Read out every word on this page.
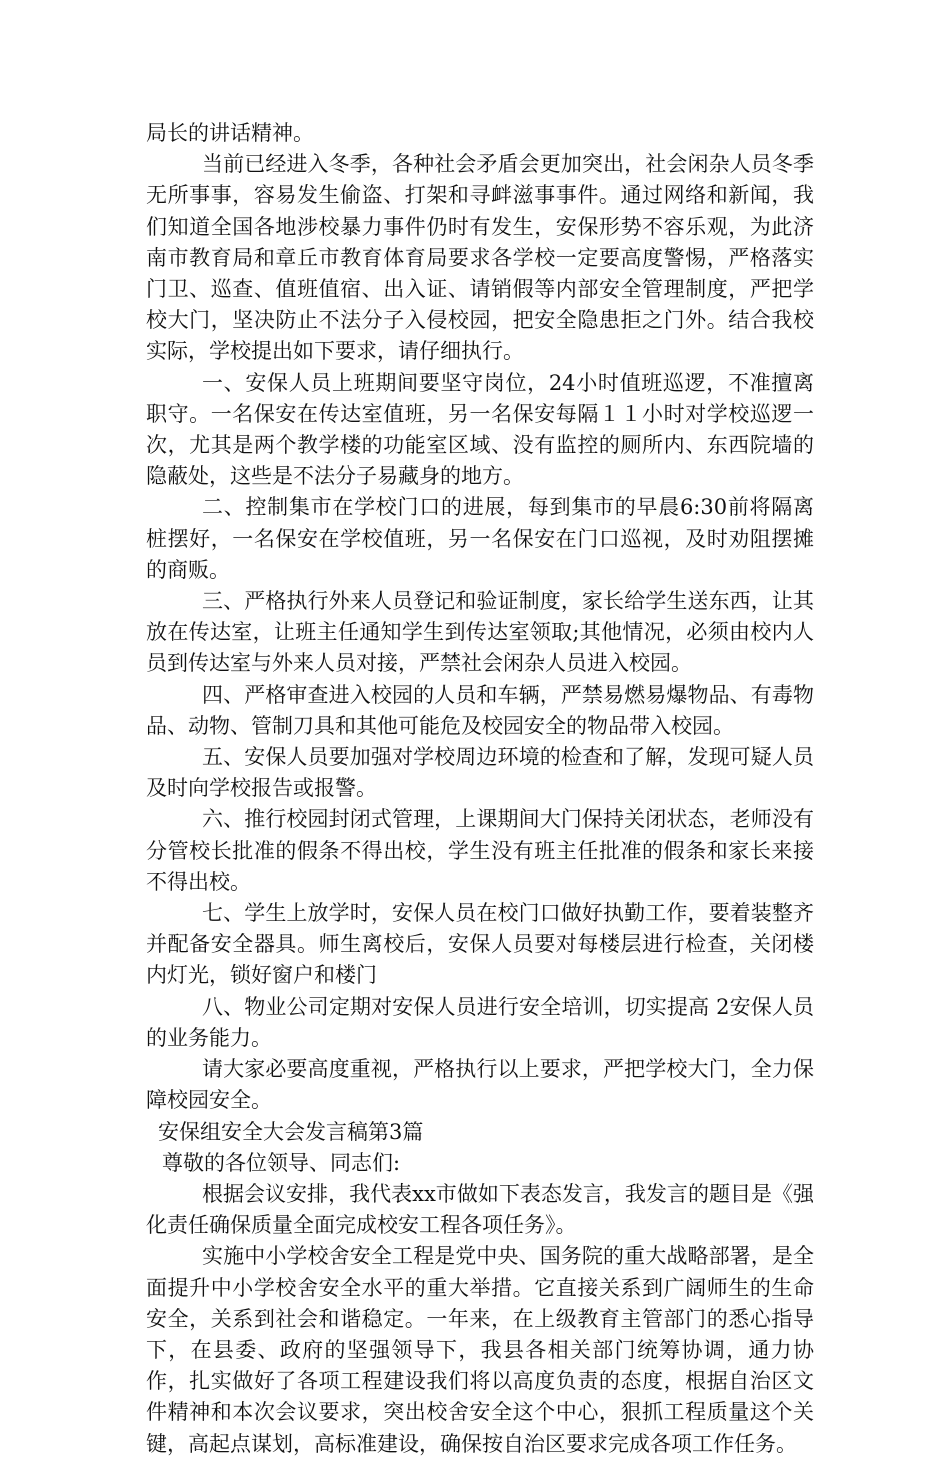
局长的讲话精神。

当前已经进入冬季，各种社会矛盾会更加突出，社会闲杂人员冬季无所事事，容易发生偷盗、打架和寻衅滋事事件。通过网络和新闻，我们知道全国各地涉校暴力事件仍时有发生，安保形势不容乐观，为此济南市教育局和章丘市教育体育局要求各学校一定要高度警惕，严格落实门卫、巡查、值班值宿、出入证、请销假等内部安全管理制度，严把学校大门，坚决防止不法分子入侵校园，把安全隐患拒之门外。结合我校实际，学校提出如下要求，请仔细执行。

一、安保人员上班期间要坚守岗位，24小时值班巡逻，不准擅离职守。一名保安在传达室值班，另一名保安每隔１１小时对学校巡逻一次，尤其是两个教学楼的功能室区域、没有监控的厕所内、东西院墙的隐蔽处，这些是不法分子易藏身的地方。

二、控制集市在学校门口的进展，每到集市的早晨6:30前将隔离桩摆好，一名保安在学校值班，另一名保安在门口巡视，及时劝阻摆摊的商贩。

三、严格执行外来人员登记和验证制度，家长给学生送东西，让其放在传达室，让班主任通知学生到传达室领取;其他情况，必须由校内人员到传达室与外来人员对接，严禁社会闲杂人员进入校园。

四、严格审查进入校园的人员和车辆，严禁易燃易爆物品、有毒物品、动物、管制刀具和其他可能危及校园安全的物品带入校园。

五、安保人员要加强对学校周边环境的检查和了解，发现可疑人员及时向学校报告或报警。

六、推行校园封闭式管理，上课期间大门保持关闭状态，老师没有分管校长批准的假条不得出校，学生没有班主任批准的假条和家长来接不得出校。

七、学生上放学时，安保人员在校门口做好执勤工作，要着装整齐并配备安全器具。师生离校后，安保人员要对每楼层进行检查，关闭楼内灯光，锁好窗户和楼门

八、物业公司定期对安保人员进行安全培训，切实提高 2安保人员的业务能力。

请大家必要高度重视，严格执行以上要求，严把学校大门，全力保障校园安全。

安保组安全大会发言稿第3篇

尊敬的各位领导、同志们:

根据会议安排，我代表xx市做如下表态发言，我发言的题目是《强化责任确保质量全面完成校安工程各项任务》。

实施中小学校舍安全工程是党中央、国务院的重大战略部署，是全面提升中小学校舍安全水平的重大举措。它直接关系到广阔师生的生命安全，关系到社会和谐稳定。一年来，在上级教育主管部门的悉心指导下，在县委、政府的坚强领导下，我县各相关部门统筹协调，通力协作，扎实做好了各项工程建设我们将以高度负责的态度，根据自治区文件精神和本次会议要求，突出校舍安全这个中心，狠抓工程质量这个关键，高起点谋划，高标准建设，确保按自治区要求完成各项工作任务。
